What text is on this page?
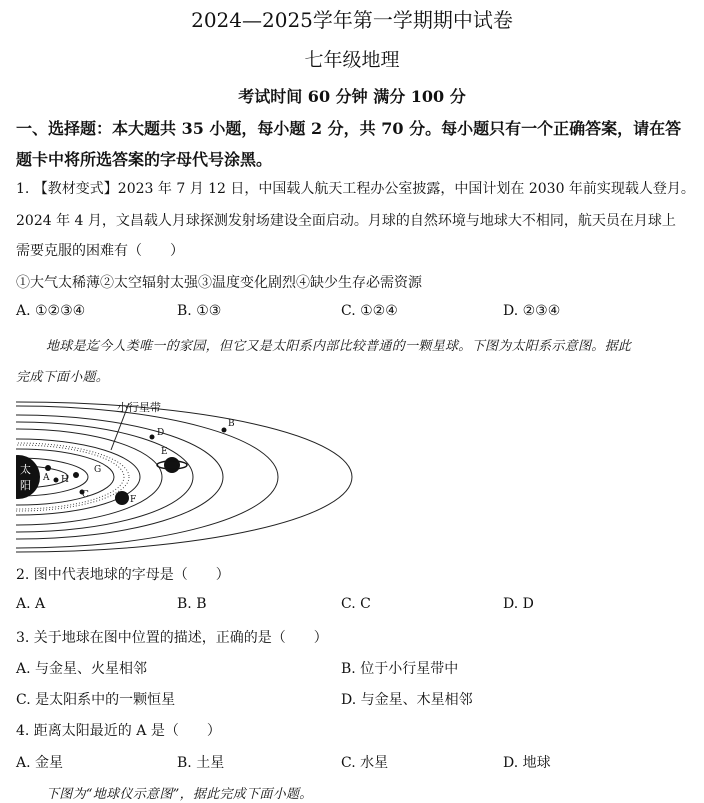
2024—2025学年第一学期期中试卷
七年级地理
考试时间 60 分钟 满分 100 分
一、选择题：本大题共 35 小题，每小题 2 分，共 70 分。每小题只有一个正确答案，请在答
题卡中将所选答案的字母代号涂黑。
1. 【教材变式】2023 年 7 月 12 日，中国载人航天工程办公室披露，中国计划在 2030 年前实现载人登月。
2024 年 4 月，文昌载人月球探测发射场建设全面启动。月球的自然环境与地球大不相同，航天员在月球上
需要克服的困难有（　　）
①大气太稀薄②太空辐射太强③温度变化剧烈④缺少生存必需资源
A. ①②③④	B. ①③	C. ①②④	D. ②③④
地球是迄今人类唯一的家园，但它又是太阳系内部比较普通的一颗星球。下图为太阳系示意图。据此
完成下面小题。
小行星带
太
阳
A H
C
G
F
D
E
B
2. 图中代表地球的字母是（　　）
A. A	B. B	C. C	D. D
3. 关于地球在图中位置的描述，正确的是（　　）
A. 与金星、火星相邻	B. 位于小行星带中
C. 是太阳系中的一颗恒星	D. 与金星、木星相邻
4. 距离太阳最近的 A 是（　　）
A. 金星	B. 土星	C. 水星	D. 地球
下图为“地球仪示意图”，据此完成下面小题。
